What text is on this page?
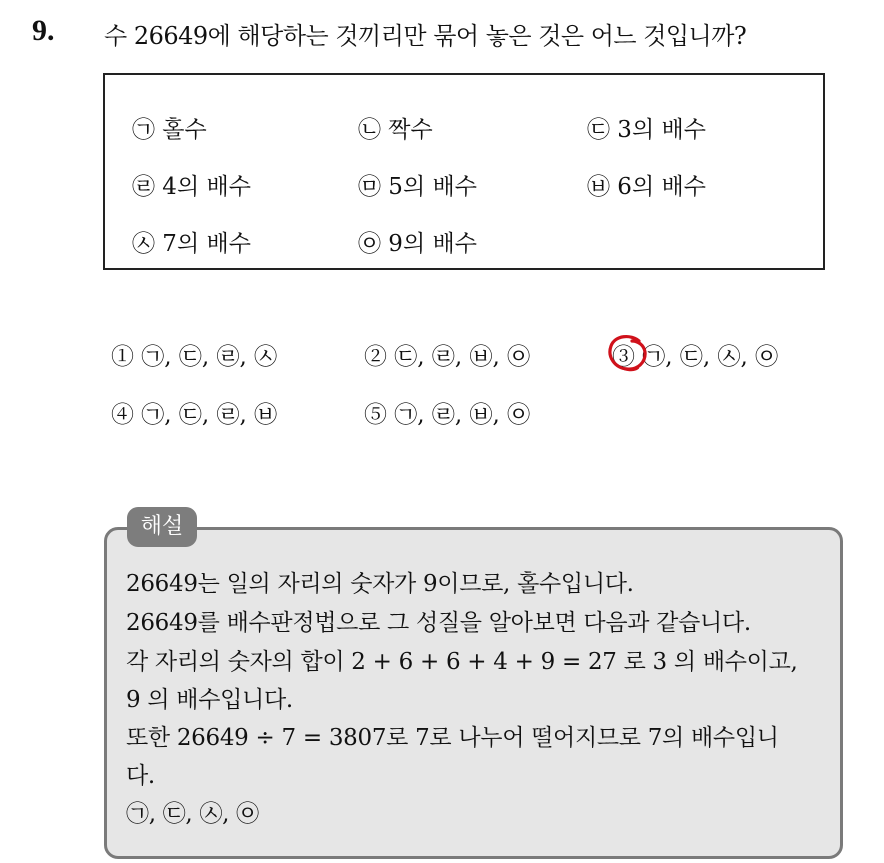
9. 수 26649에 해당하는 것끼리만 묶어 놓은 것은 어느 것입니까?
㉠ 홀수	㉡ 짝수	㉢ 3의 배수
㉣ 4의 배수	㉤ 5의 배수	㉥ 6의 배수
㉦ 7의 배수	㉧ 9의 배수
① ㉠, ㉢, ㉣, ㉦	② ㉢, ㉣, ㉥, ㉧	③ ㉠, ㉢, ㉦, ㉧
④ ㉠, ㉢, ㉣, ㉥	⑤ ㉠, ㉣, ㉥, ㉧
해설
26649는 일의 자리의 숫자가 9이므로, 홀수입니다.
26649를 배수판정법으로 그 성질을 알아보면 다음과 같습니다.
각 자리의 숫자의 합이 2 + 6 + 6 + 4 + 9 = 27 로 3 의 배수이고,
9 의 배수입니다.
또한 26649 ÷ 7 = 3807로 7로 나누어 떨어지므로 7의 배수입니
다.
㉠, ㉢, ㉦, ㉧
